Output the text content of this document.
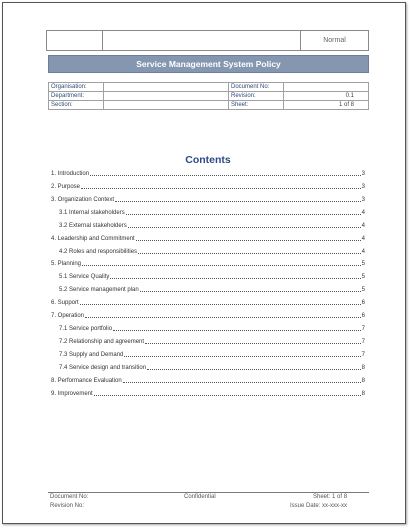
Normal
Service Management System Policy
Organisation:		Document No:	
Department:		Revision:	0.1
Section:		Sheet:	1 of 8
Contents
1. Introduction	3
2. Purpose	3
3. Organization Context	3
3.1 Internal stakeholders	4
3.2 External stakeholders	4
4. Leadership and Commitment	4
4.2 Roles and responsibilities	4
5. Planning	5
5.1 Service Quality	5
5.2 Service management plan	5
6. Support	6
7. Operation	6
7.1 Service portfolio	7
7.2 Relationship and agreement	7
7.3 Supply and Demand	7
7.4 Service design and transition	8
8. Performance Evaluation	8
9. Improvement	8
Document No:
Revision No:
Confidential	Sheet: 1 of 8
Issue Date: xx-xxx-xx
